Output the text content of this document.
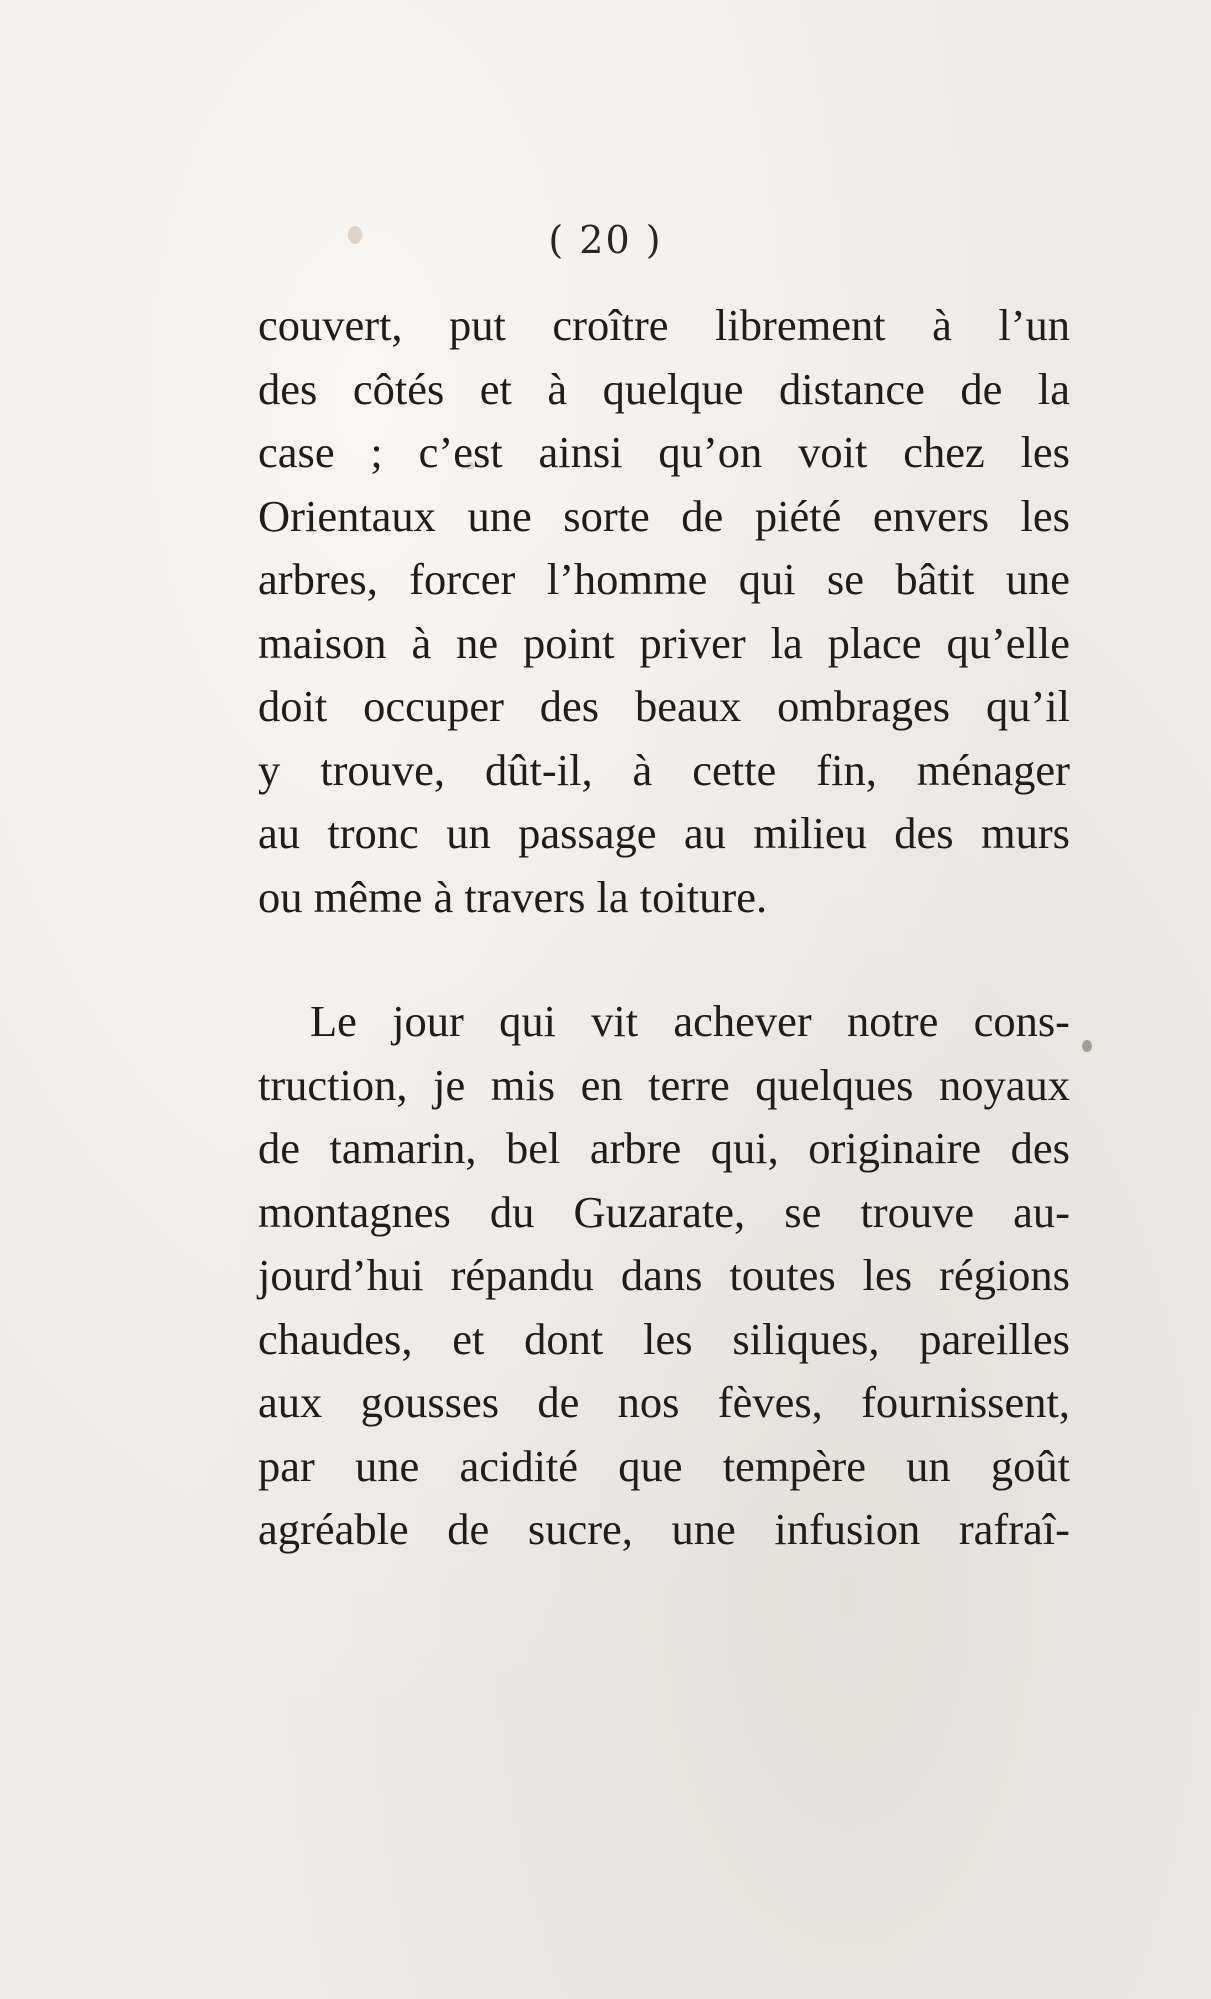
( 20 )
couvert, put croître librement à l’un
des côtés et à quelque distance de la
case ; c’est ainsi qu’on voit chez les
Orientaux une sorte de piété envers les
arbres, forcer l’homme qui se bâtit une
maison à ne point priver la place qu’elle
doit occuper des beaux ombrages qu’il
y trouve, dût-il, à cette fin, ménager
au tronc un passage au milieu des murs
ou même à travers la toiture.
Le jour qui vit achever notre cons-
truction, je mis en terre quelques noyaux
de tamarin, bel arbre qui, originaire des
montagnes du Guzarate, se trouve au-
jourd’hui répandu dans toutes les régions
chaudes, et dont les siliques, pareilles
aux gousses de nos fèves, fournissent,
par une acidité que tempère un goût
agréable de sucre, une infusion rafraî-
